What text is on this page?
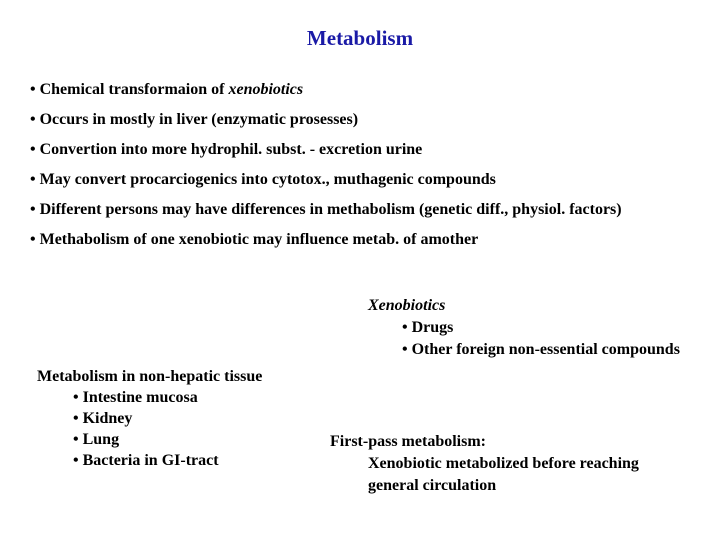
Metabolism
• Chemical transformaion of xenobiotics
• Occurs in mostly in liver (enzymatic prosesses)
• Convertion into more hydrophil. subst. - excretion urine
• May convert procarciogenics into cytotox., muthagenic compounds
• Different persons may have differences in methabolism (genetic diff., physiol. factors)
• Methabolism of one xenobiotic may influence metab. of amother
Xenobiotics
• Drugs
• Other foreign non-essential compounds
Metabolism in non-hepatic tissue
• Intestine mucosa
• Kidney
• Lung
• Bacteria in GI-tract
First-pass metabolism:
Xenobiotic metabolized before reaching
general circulation
